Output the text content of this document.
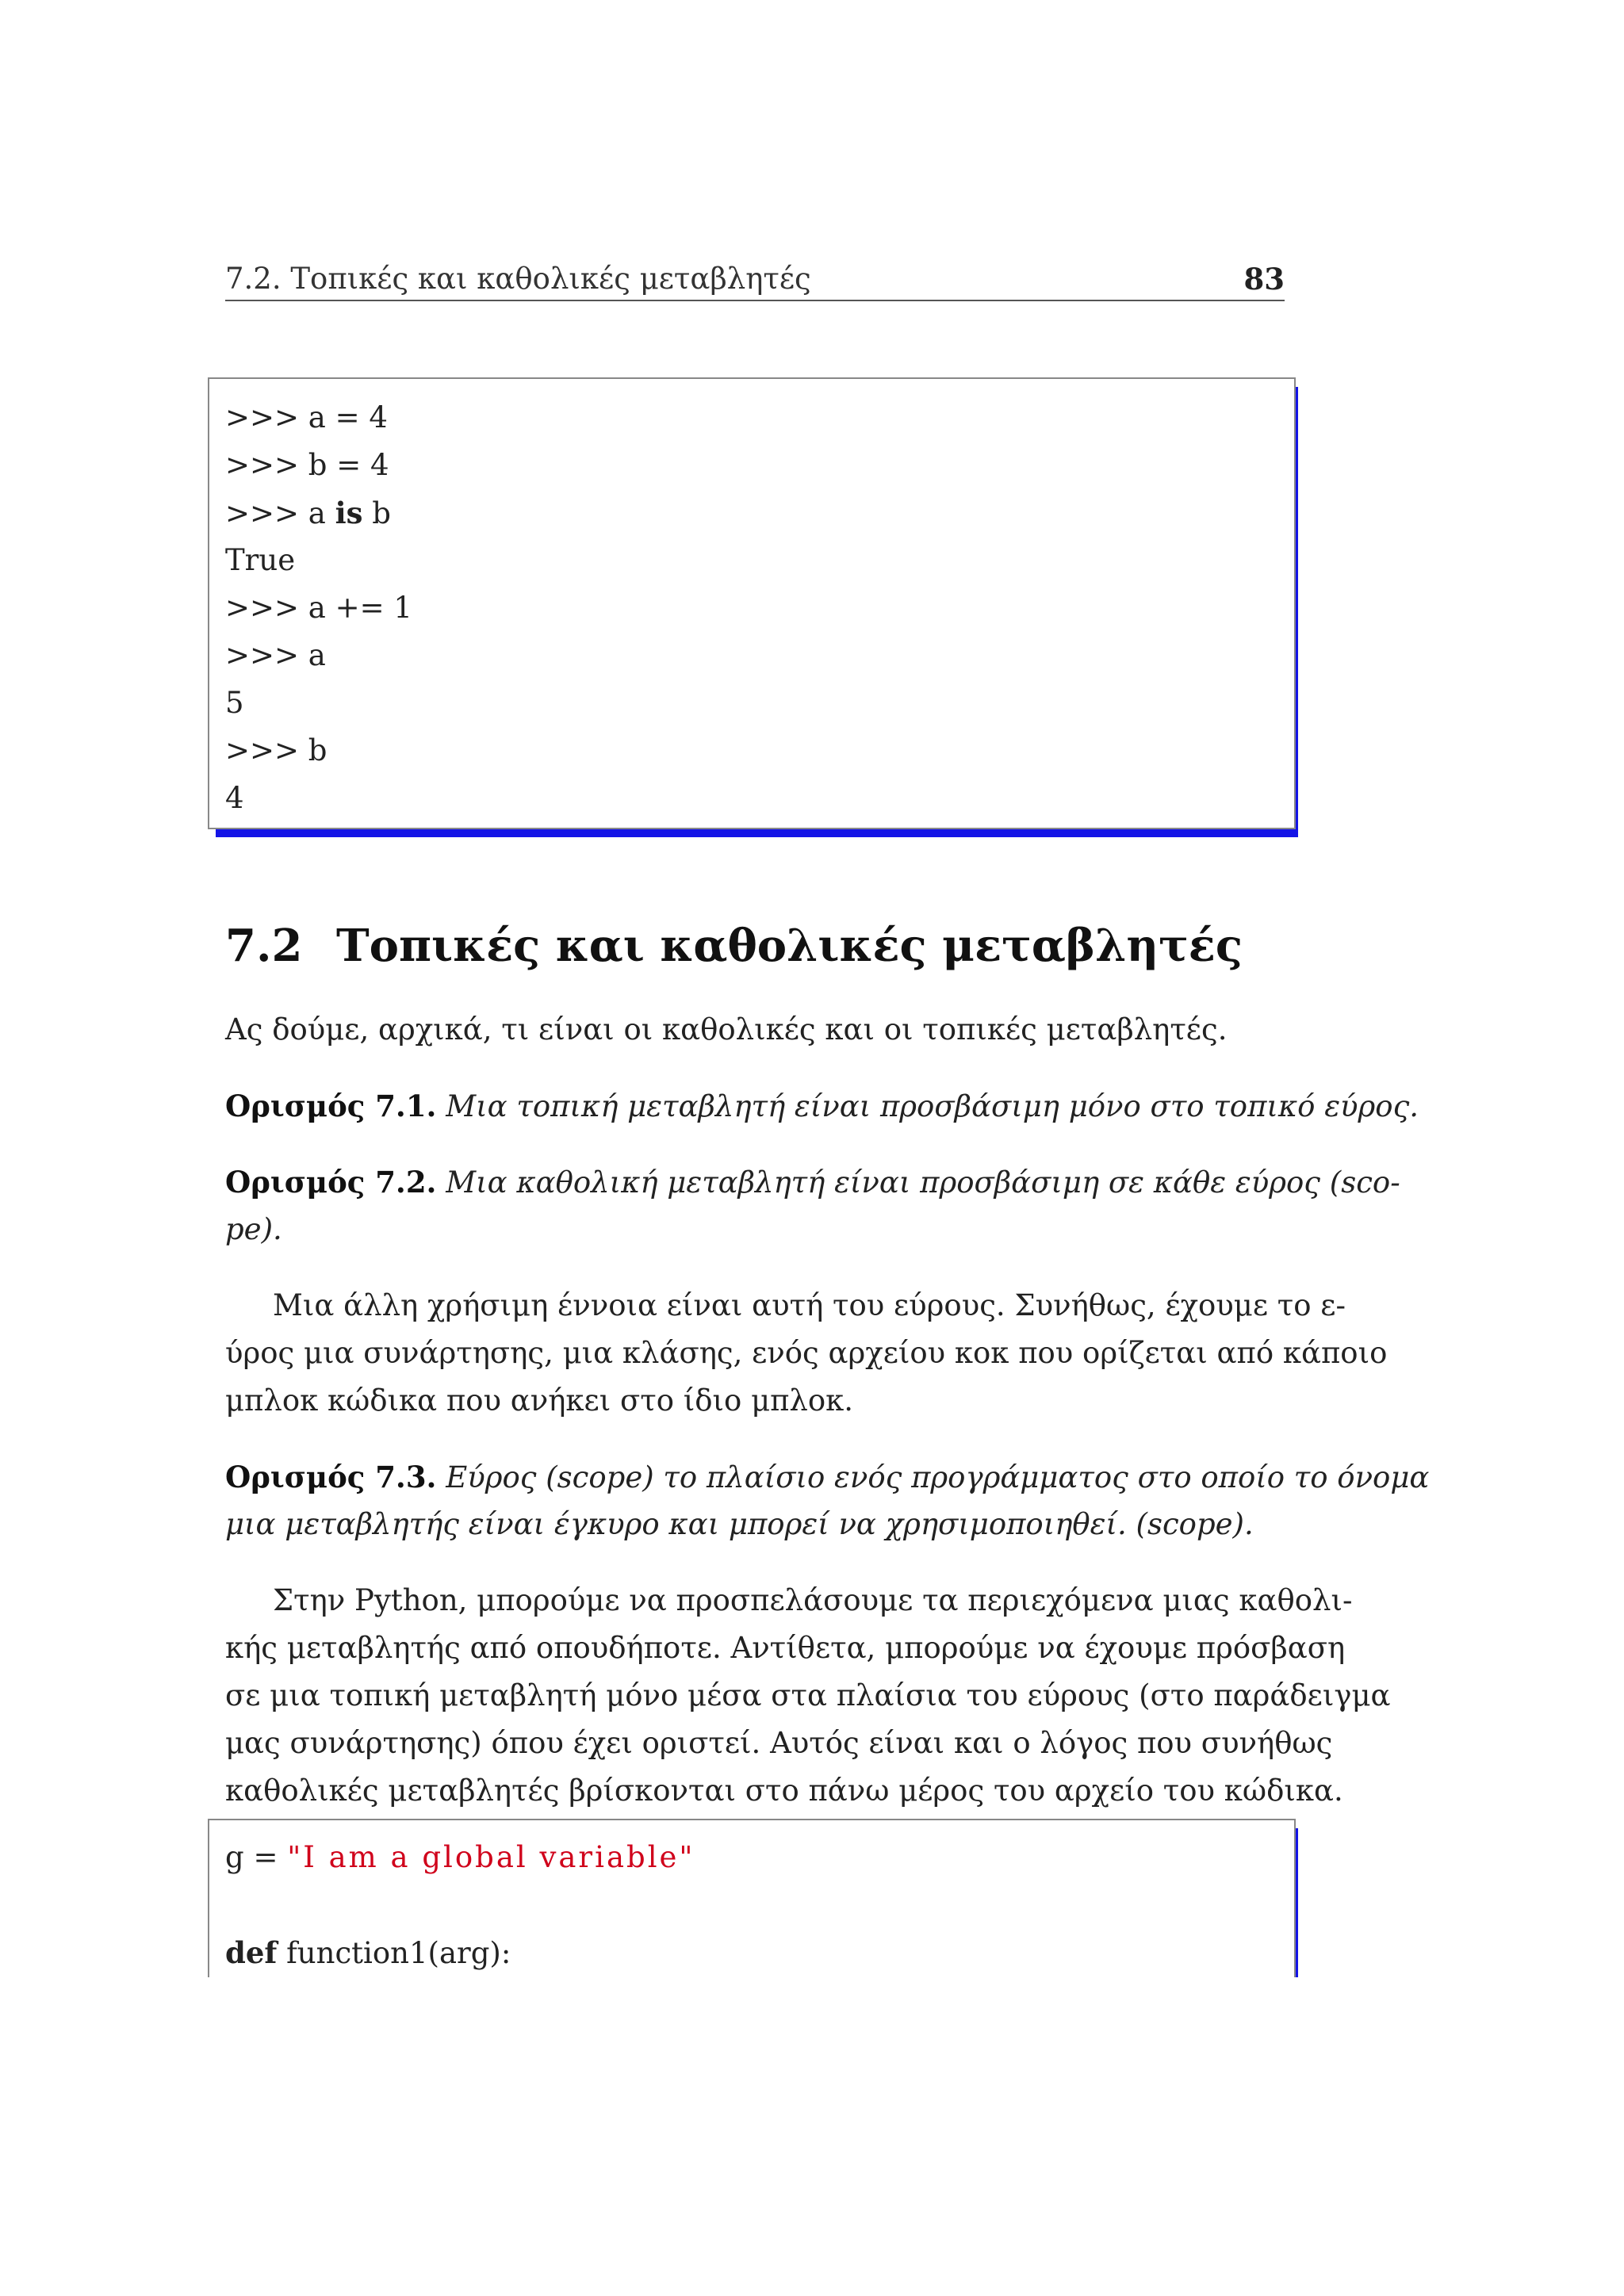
7.2. Τοπικές και καθολικές μεταβλητές	83
>>> a = 4
>>> b = 4
>>> a is b
True
>>> a += 1
>>> a
5
>>> b
4
7.2 Τοπικές και καθολικές μεταβλητές
Ας δούμε, αρχικά, τι είναι οι καθολικές και οι τοπικές μεταβλητές.
Ορισμός 7.1. Μια τοπική μεταβλητή είναι προσβάσιμη μόνο στο τοπικό εύρος.
Ορισμός 7.2. Μια καθολική μεταβλητή είναι προσβάσιμη σε κάθε εύρος (sco-
pe).
Μια άλλη χρήσιμη έννοια είναι αυτή του εύρους. Συνήθως, έχουμε το ε-
ύρος μια συνάρτησης, μια κλάσης, ενός αρχείου κοκ που ορίζεται από κάποιο
μπλοκ κώδικα που ανήκει στο ίδιο μπλοκ.
Ορισμός 7.3. Εύρος (scope) το πλαίσιο ενός προγράμματος στο οποίο το όνομα
μια μεταβλητής είναι έγκυρο και μπορεί να χρησιμοποιηθεί. (scope).
Στην Python, μπορούμε να προσπελάσουμε τα περιεχόμενα μιας καθολι-
κής μεταβλητής από οπουδήποτε. Αντίθετα, μπορούμε να έχουμε πρόσβαση
σε μια τοπική μεταβλητή μόνο μέσα στα πλαίσια του εύρους (στο παράδειγμα
μας συνάρτησης) όπου έχει οριστεί. Αυτός είναι και ο λόγος που συνήθως
καθολικές μεταβλητές βρίσκονται στο πάνω μέρος του αρχείο του κώδικα.
g = "I am a global variable"
def function1(arg):
